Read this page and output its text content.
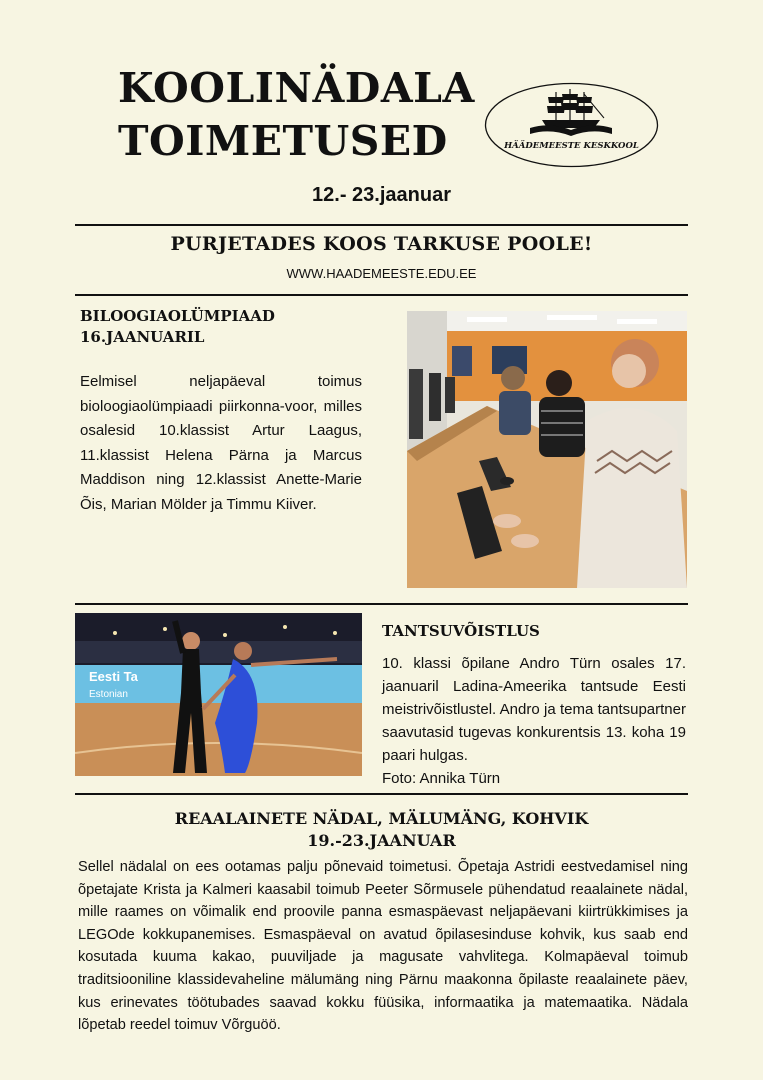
KOOLINÄDALA
TOIMETUSED	HÄÄDEMEESTE KESKKOOL
12.- 23.jaanuar
PURJETADES KOOS TARKUSE POOLE!
WWW.HAADEMEESTE.EDU.EE
BILOOGIAOLÜMPIAAD
16.JAANUARIL

Eelmisel neljapäeval toimus bioloogiaolümpiaadi piirkonna-voor, milles osalesid 10.klassist Artur Laagus, 11.klassist Helena Pärna ja Marcus Maddison ning 12.klassist Anette-Marie Õis, Marian Mölder ja Timmu Kiiver.

Eesti Ta
Estonian
TANTSUVÕISTLUS

10. klassi õpilane Andro Türn osales 17. jaanuaril Ladina-Ameerika tantsude Eesti meistrivõistlustel. Andro ja tema tantsupartner saavutasid tugevas konkurentsis 13. koha 19 paari hulgas.

Foto: Annika Türn

REAALAINETE NÄDAL, MÄLUMÄNG, KOHVIK
19.-23.JAANUAR

Sellel nädalal on ees ootamas palju põnevaid toimetusi. Õpetaja Astridi eestvedamisel ning õpetajate Krista ja Kalmeri kaasabil toimub Peeter Sõrmusele pühendatud reaalainete nädal, mille raames on võimalik end proovile panna esmaspäevast neljapäevani kiirtrükkimises ja LEGOde kokkupanemises. Esmaspäeval on avatud õpilasesinduse kohvik, kus saab end kosutada kuuma kakao, puuviljade ja magusate vahvlitega. Kolmapäeval toimub traditsiooniline klassidevaheline mälumäng ning Pärnu maakonna õpilaste reaalainete päev, kus erinevates töötubades saavad kokku füüsika, informaatika ja matemaatika. Nädala lõpetab reedel toimuv Võrguöö.
